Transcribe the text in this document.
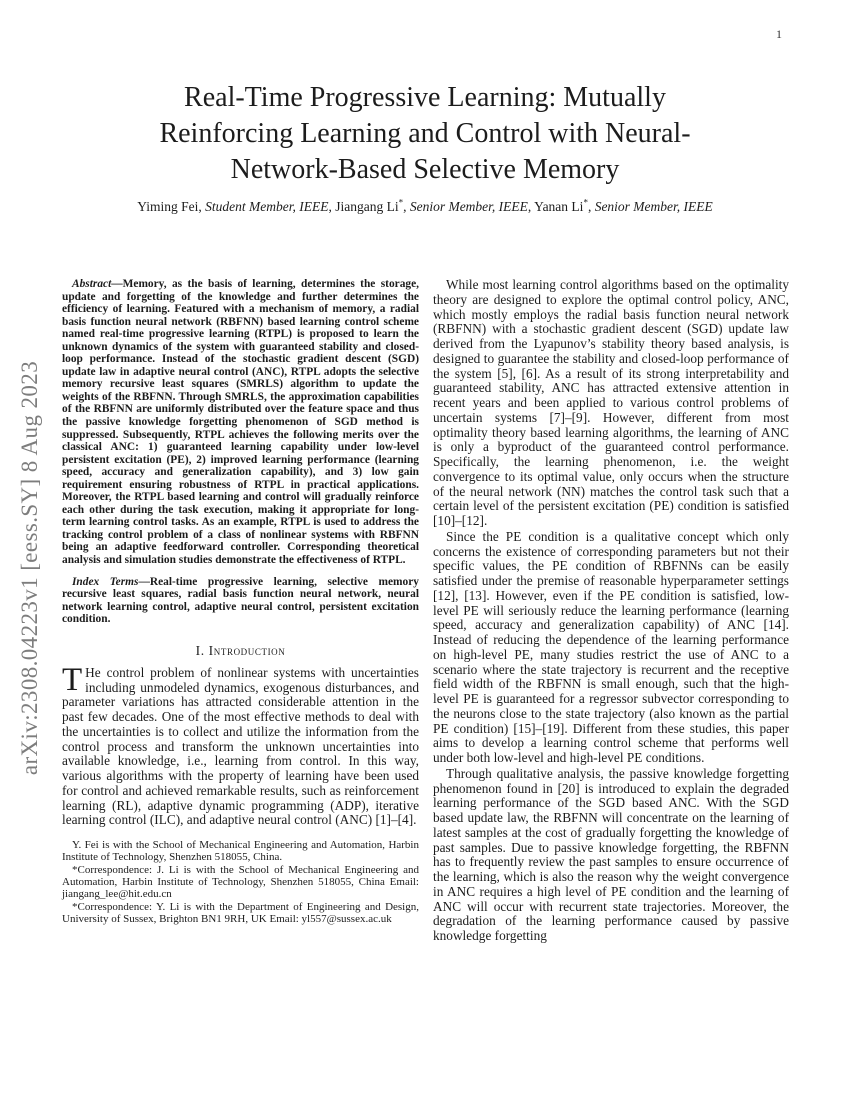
1
arXiv:2308.04223v1 [eess.SY] 8 Aug 2023
Real-Time Progressive Learning: Mutually Reinforcing Learning and Control with Neural-Network-Based Selective Memory
Yiming Fei, Student Member, IEEE, Jiangang Li*, Senior Member, IEEE, Yanan Li*, Senior Member, IEEE

Abstract—Memory, as the basis of learning, determines the storage, update and forgetting of the knowledge and further determines the efficiency of learning. Featured with a mechanism of memory, a radial basis function neural network (RBFNN) based learning control scheme named real-time progressive learning (RTPL) is proposed to learn the unknown dynamics of the system with guaranteed stability and closed-loop performance. Instead of the stochastic gradient descent (SGD) update law in adaptive neural control (ANC), RTPL adopts the selective memory recursive least squares (SMRLS) algorithm to update the weights of the RBFNN. Through SMRLS, the approximation capabilities of the RBFNN are uniformly distributed over the feature space and thus the passive knowledge forgetting phenomenon of SGD method is suppressed. Subsequently, RTPL achieves the following merits over the classical ANC: 1) guaranteed learning capability under low-level persistent excitation (PE), 2) improved learning performance (learning speed, accuracy and generalization capability), and 3) low gain requirement ensuring robustness of RTPL in practical applications. Moreover, the RTPL based learning and control will gradually reinforce each other during the task execution, making it appropriate for long-term learning control tasks. As an example, RTPL is used to address the tracking control problem of a class of nonlinear systems with RBFNN being an adaptive feedforward controller. Corresponding theoretical analysis and simulation studies demonstrate the effectiveness of RTPL.

Index Terms—Real-time progressive learning, selective memory recursive least squares, radial basis function neural network, neural network learning control, adaptive neural control, persistent excitation condition.

I. Introduction

T He control problem of nonlinear systems with uncertainties including unmodeled dynamics, exogenous disturbances, and parameter variations has attracted considerable attention in the past few decades. One of the most effective methods to deal with the uncertainties is to collect and utilize the information from the control process and transform the unknown uncertainties into available knowledge, i.e., learning from control. In this way, various algorithms with the property of learning have been used for control and achieved remarkable results, such as reinforcement learning (RL), adaptive dynamic programming (ADP), iterative learning control (ILC), and adaptive neural control (ANC) [1]–[4].

Y. Fei is with the School of Mechanical Engineering and Automation, Harbin Institute of Technology, Shenzhen 518055, China.

*Correspondence: J. Li is with the School of Mechanical Engineering and Automation, Harbin Institute of Technology, Shenzhen 518055, China Email: jiangang_lee@hit.edu.cn

*Correspondence: Y. Li is with the Department of Engineering and Design, University of Sussex, Brighton BN1 9RH, UK Email: yl557@sussex.ac.uk

While most learning control algorithms based on the optimality theory are designed to explore the optimal control policy, ANC, which mostly employs the radial basis function neural network (RBFNN) with a stochastic gradient descent (SGD) update law derived from the Lyapunov’s stability theory based analysis, is designed to guarantee the stability and closed-loop performance of the system [5], [6]. As a result of its strong interpretability and guaranteed stability, ANC has attracted extensive attention in recent years and been applied to various control problems of uncertain systems [7]–[9]. However, different from most optimality theory based learning algorithms, the learning of ANC is only a byproduct of the guaranteed control performance. Specifically, the learning phenomenon, i.e. the weight convergence to its optimal value, only occurs when the structure of the neural network (NN) matches the control task such that a certain level of the persistent excitation (PE) condition is satisfied [10]–[12].

Since the PE condition is a qualitative concept which only concerns the existence of corresponding parameters but not their specific values, the PE condition of RBFNNs can be easily satisfied under the premise of reasonable hyperparameter settings [12], [13]. However, even if the PE condition is satisfied, low-level PE will seriously reduce the learning performance (learning speed, accuracy and generalization capability) of ANC [14]. Instead of reducing the dependence of the learning performance on high-level PE, many studies restrict the use of ANC to a scenario where the state trajectory is recurrent and the receptive field width of the RBFNN is small enough, such that the high-level PE is guaranteed for a regressor subvector corresponding to the neurons close to the state trajectory (also known as the partial PE condition) [15]–[19]. Different from these studies, this paper aims to develop a learning control scheme that performs well under both low-level and high-level PE conditions.

Through qualitative analysis, the passive knowledge forgetting phenomenon found in [20] is introduced to explain the degraded learning performance of the SGD based ANC. With the SGD based update law, the RBFNN will concentrate on the learning of latest samples at the cost of gradually forgetting the knowledge of past samples. Due to passive knowledge forgetting, the RBFNN has to frequently review the past samples to ensure occurrence of the learning, which is also the reason why the weight convergence in ANC requires a high level of PE condition and the learning of ANC will occur with recurrent state trajectories. Moreover, the degradation of the learning performance caused by passive knowledge forgetting
